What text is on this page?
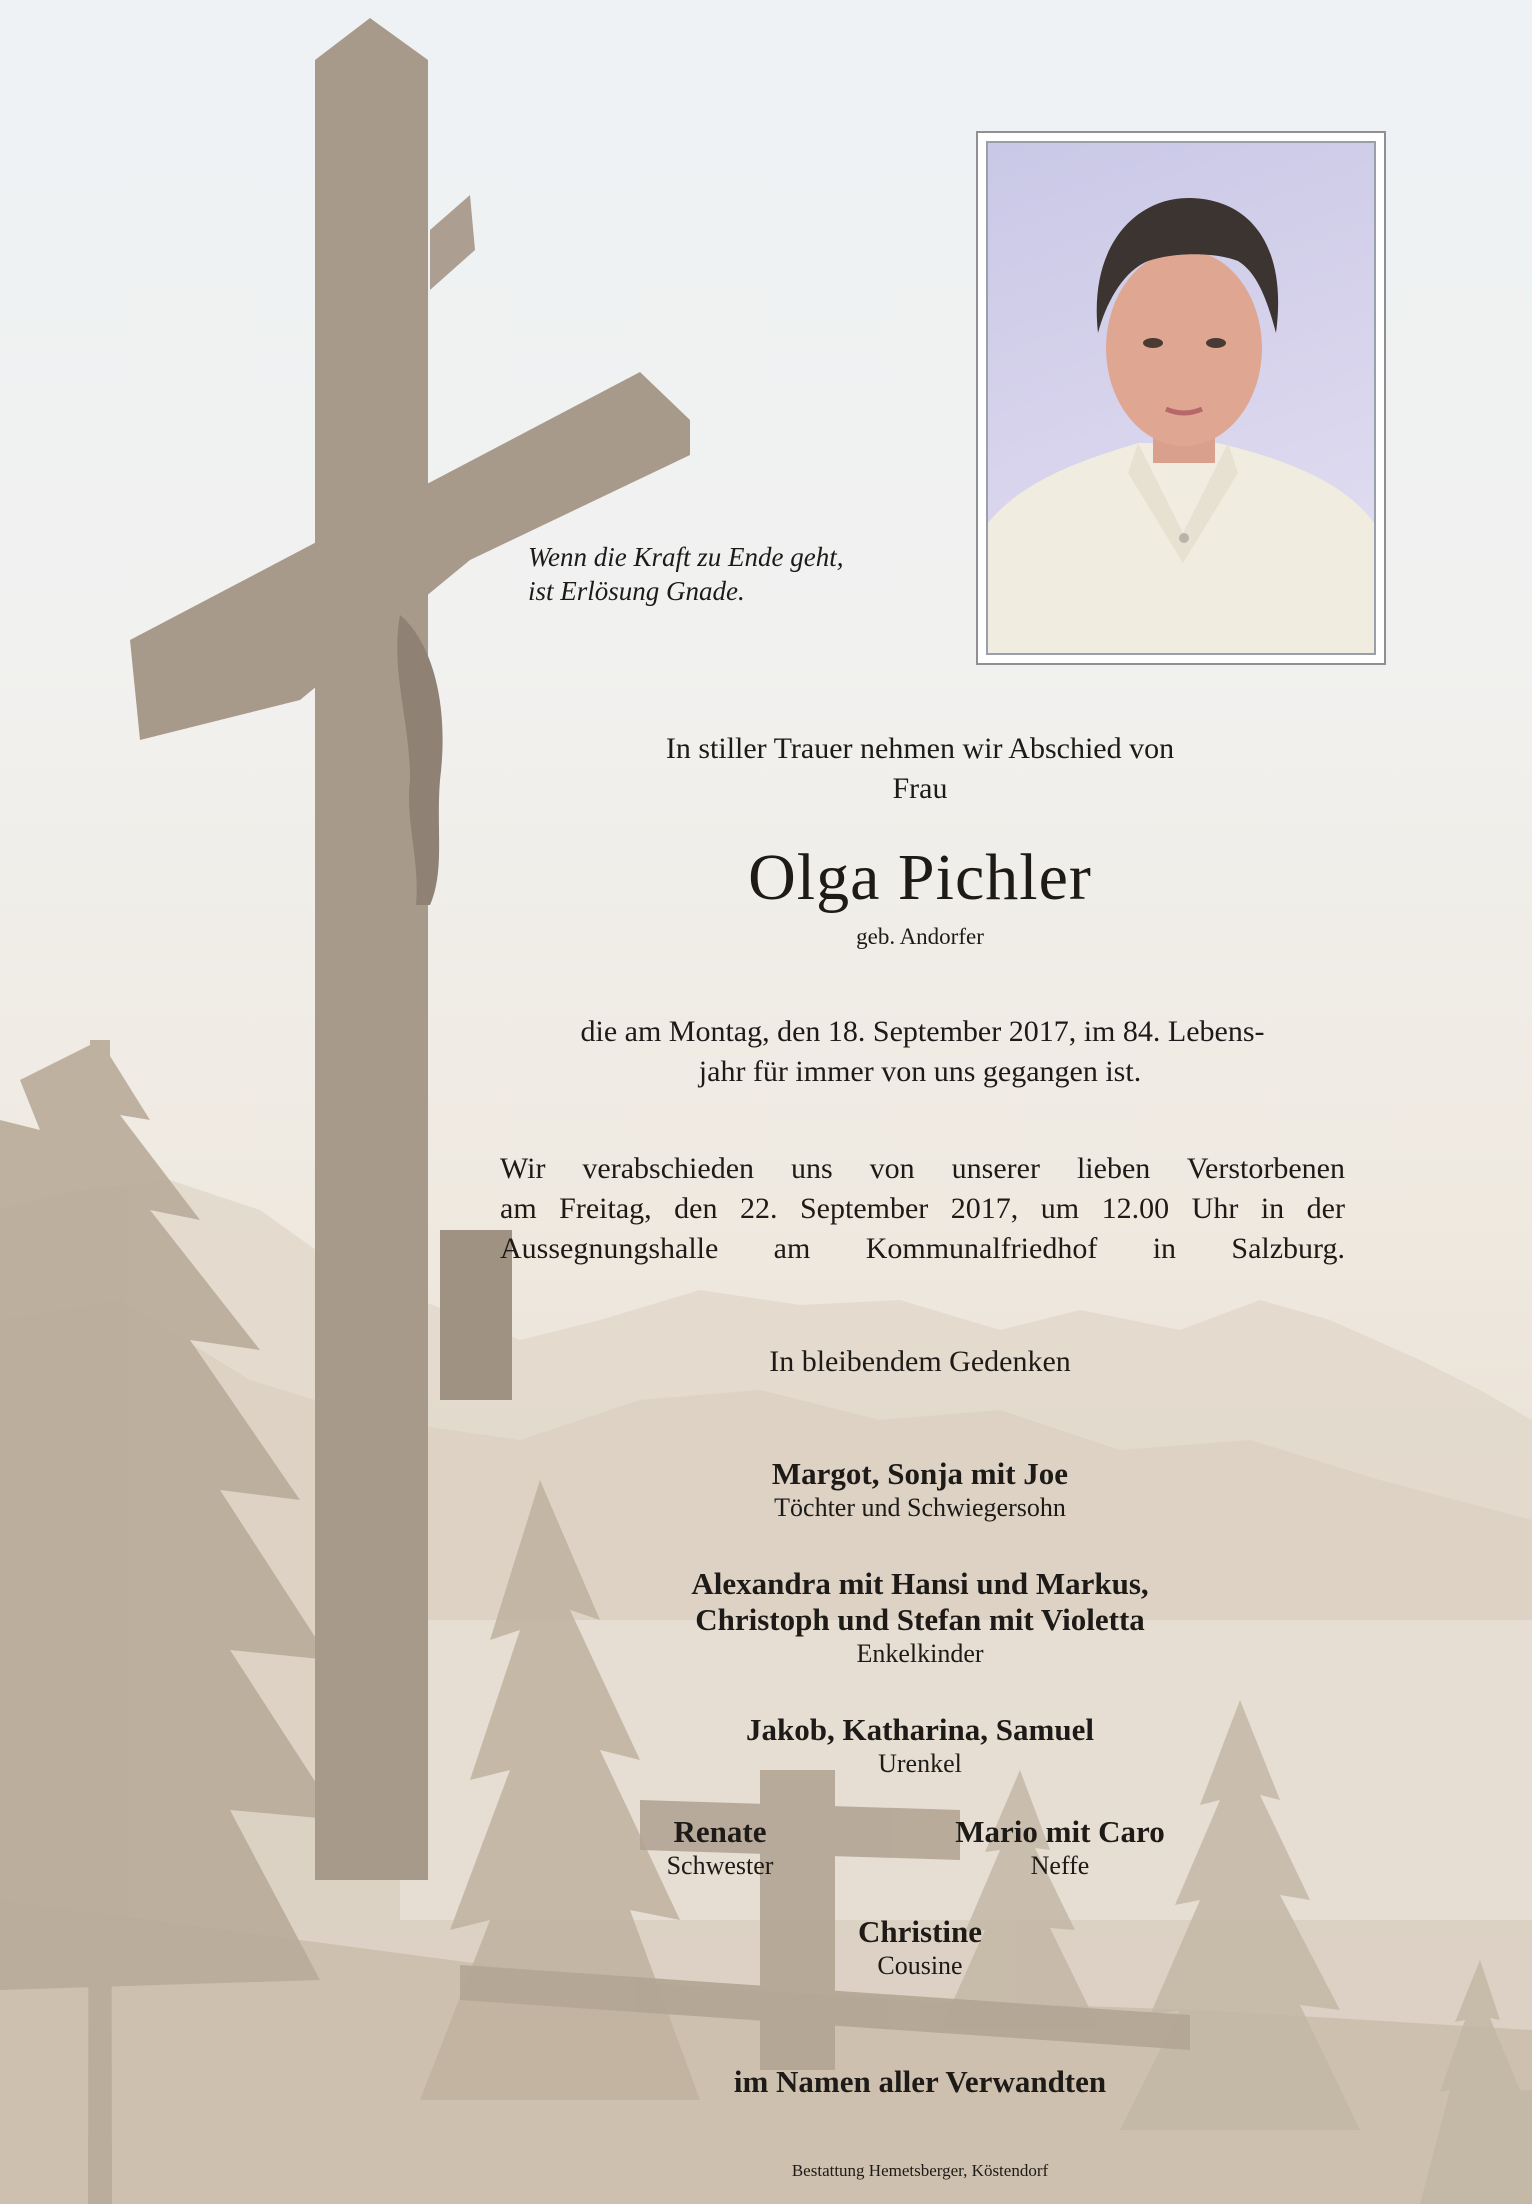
Wenn die Kraft zu Ende geht,
ist Erlösung Gnade.
In stiller Trauer nehmen wir Abschied von
Frau
Olga Pichler
geb. Andorfer
die am Montag, den 18. September 2017, im 84. Lebens-
jahr für immer von uns gegangen ist.
Wir verabschieden uns von unserer lieben Verstorbenen
am Freitag, den 22. September 2017, um 12.00 Uhr in der
Aussegnungshalle am Kommunalfriedhof in Salzburg.
In bleibendem Gedenken
Margot, Sonja mit Joe
Töchter und Schwiegersohn
Alexandra mit Hansi und Markus,
Christoph und Stefan mit Violetta
Enkelkinder
Jakob, Katharina, Samuel
Urenkel
Renate
Schwester
Mario mit Caro
Neffe
Christine
Cousine
im Namen aller Verwandten
Bestattung Hemetsberger, Köstendorf
